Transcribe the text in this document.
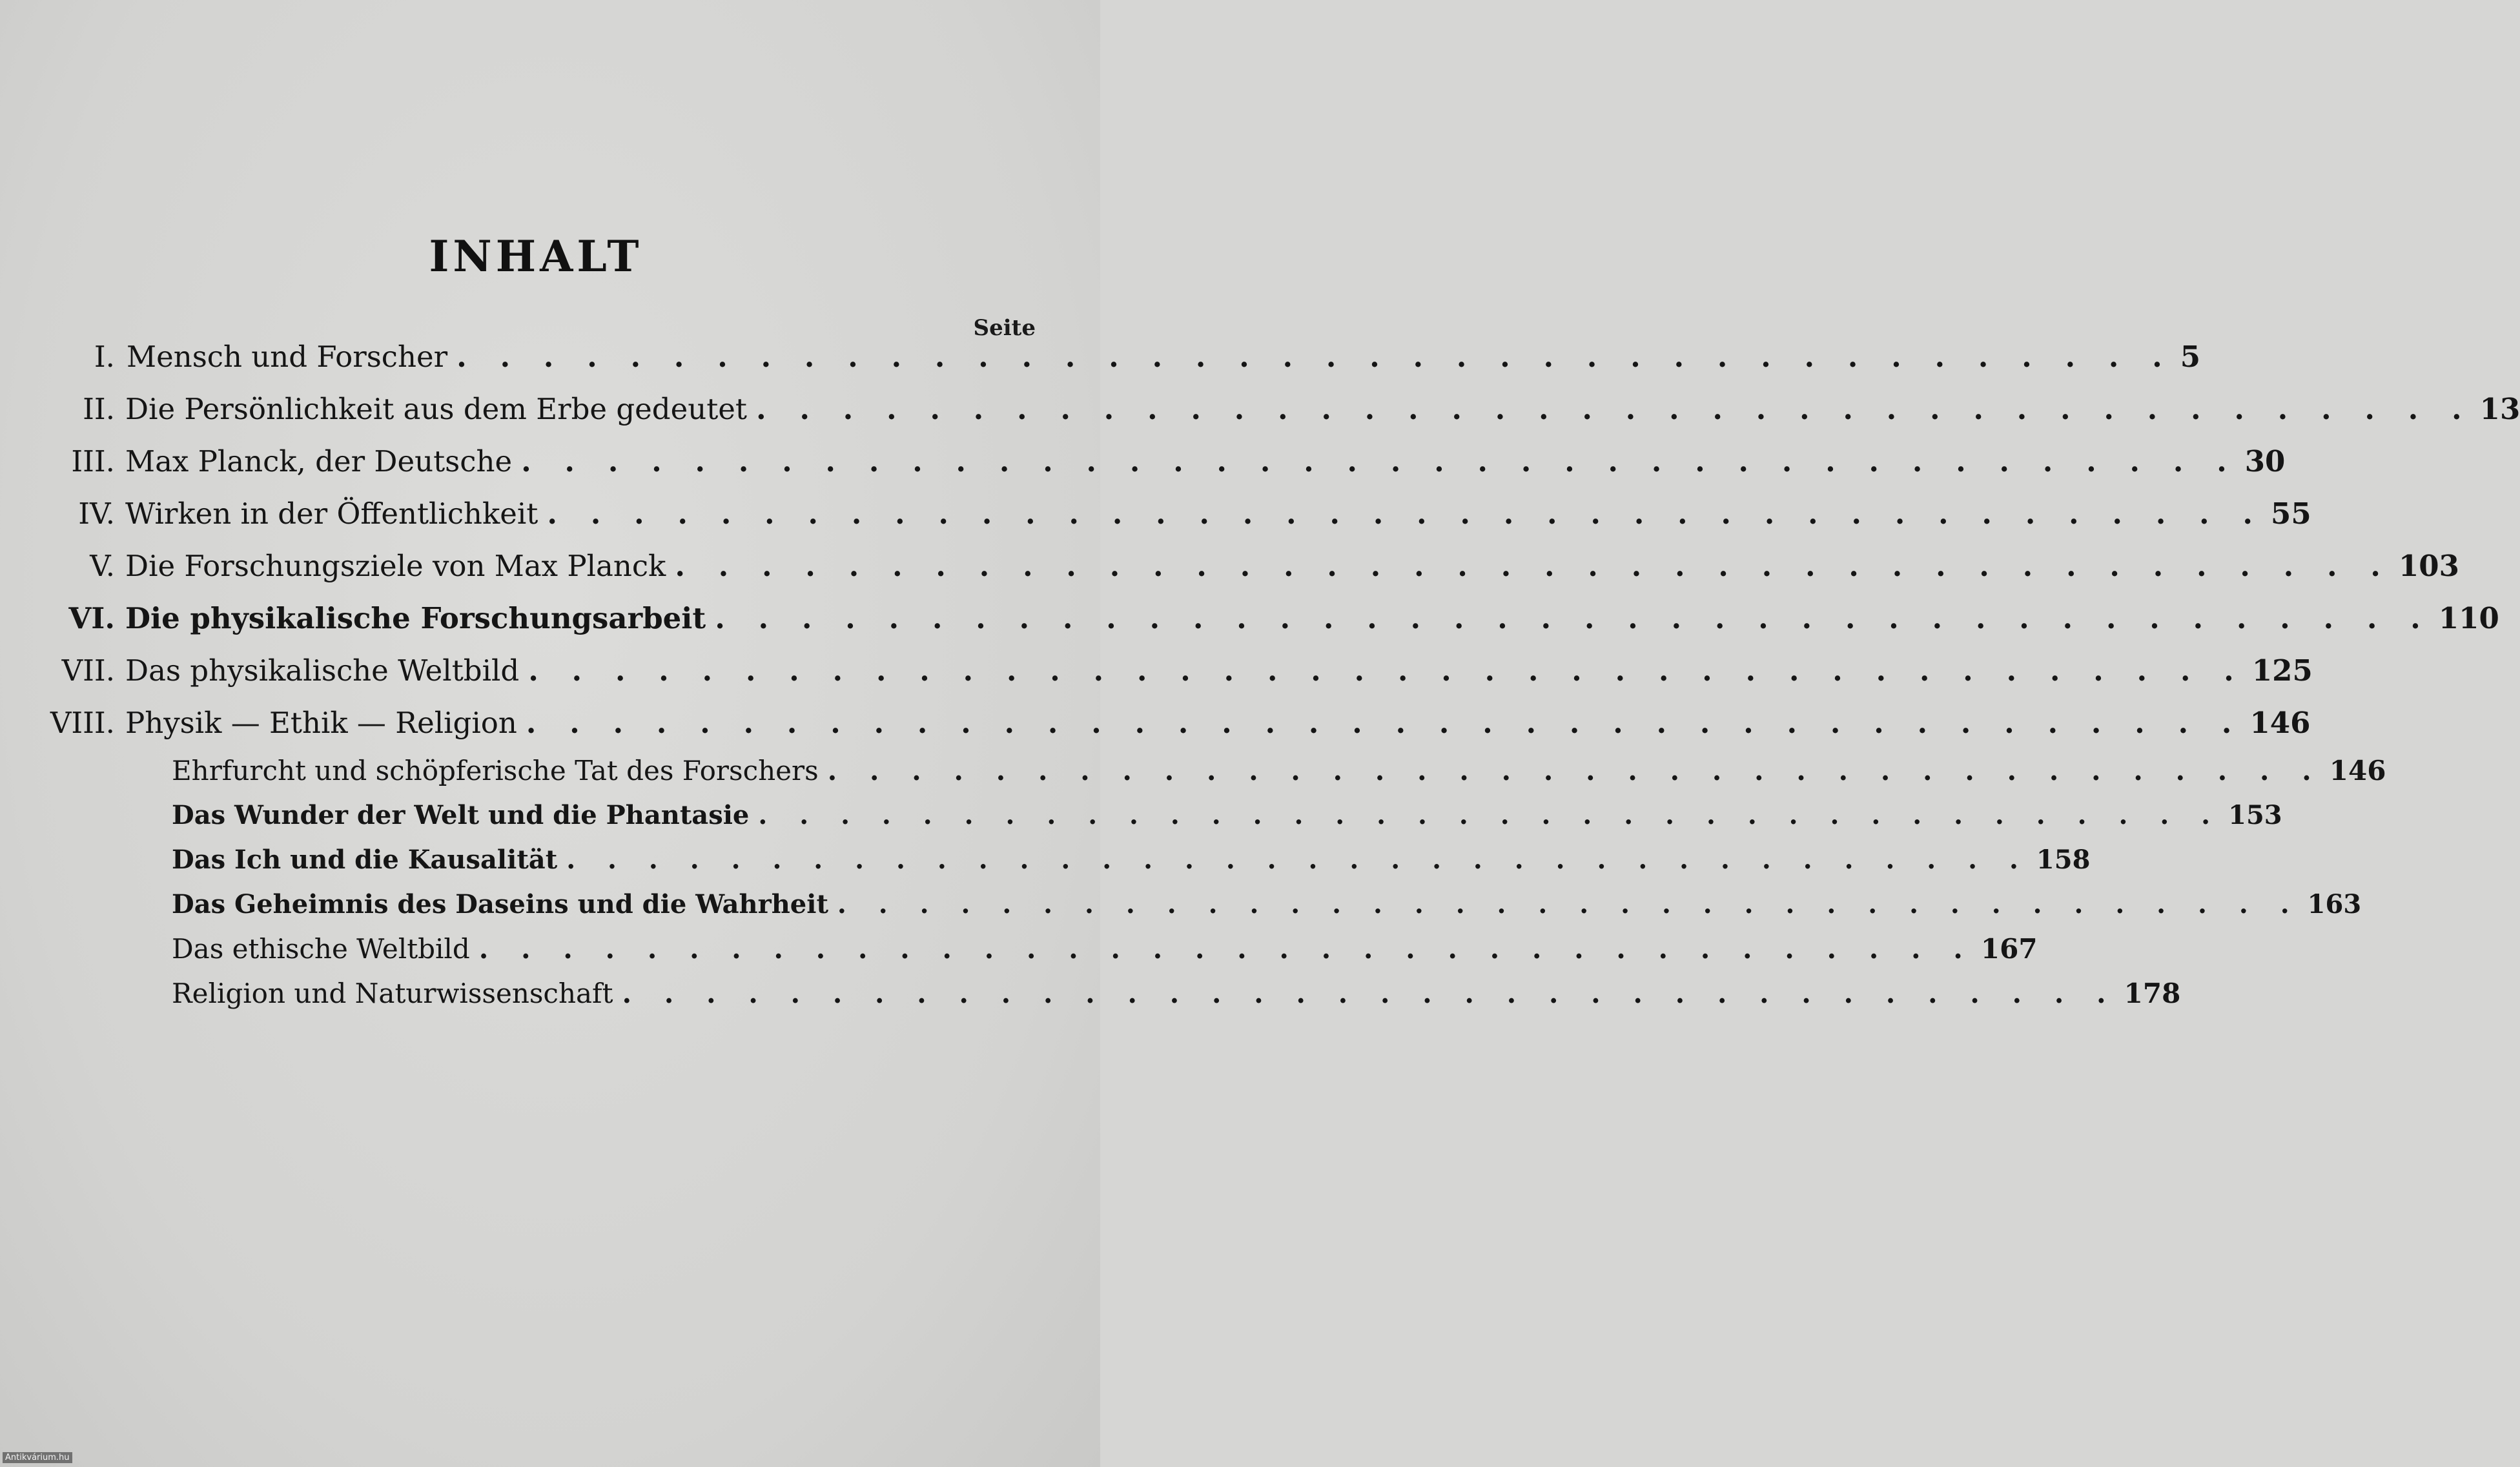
INHALT
Seite
I. Mensch und Forscher . . . . . . . . . . . . . . . . . . . . . . . . . . . . . . . . . . . . . . . . 5
II. Die Persönlichkeit aus dem Erbe gedeutet . . . . . . . . . . . . . . . . . . . . . . . . . . . . . . . . . . . . . . . . 13
III. Max Planck, der Deutsche . . . . . . . . . . . . . . . . . . . . . . . . . . . . . . . . . . . . . . . . 30
IV. Wirken in der Öffentlichkeit . . . . . . . . . . . . . . . . . . . . . . . . . . . . . . . . . . . . . . . . 55
V. Die Forschungsziele von Max Planck . . . . . . . . . . . . . . . . . . . . . . . . . . . . . . . . . . . . . . . . 103
VI. Die physikalische Forschungsarbeit . . . . . . . . . . . . . . . . . . . . . . . . . . . . . . . . . . . . . . . . 110
VII. Das physikalische Weltbild . . . . . . . . . . . . . . . . . . . . . . . . . . . . . . . . . . . . . . . . 125
VIII. Physik — Ethik — Religion . . . . . . . . . . . . . . . . . . . . . . . . . . . . . . . . . . . . . . . . 146
Ehrfurcht und schöpferische Tat des Forschers . . . . . . . . . . . . . . . . . . . . . . . . . . . . . . . . . . . . 146
Das Wunder der Welt und die Phantasie . . . . . . . . . . . . . . . . . . . . . . . . . . . . . . . . . . . . 153
Das Ich und die Kausalität . . . . . . . . . . . . . . . . . . . . . . . . . . . . . . . . . . . . 158
Das Geheimnis des Daseins und die Wahrheit . . . . . . . . . . . . . . . . . . . . . . . . . . . . . . . . . . . . 163
Das ethische Weltbild . . . . . . . . . . . . . . . . . . . . . . . . . . . . . . . . . . . . 167
Religion und Naturwissenschaft . . . . . . . . . . . . . . . . . . . . . . . . . . . . . . . . . . . . 178
Antikvárium.hu
